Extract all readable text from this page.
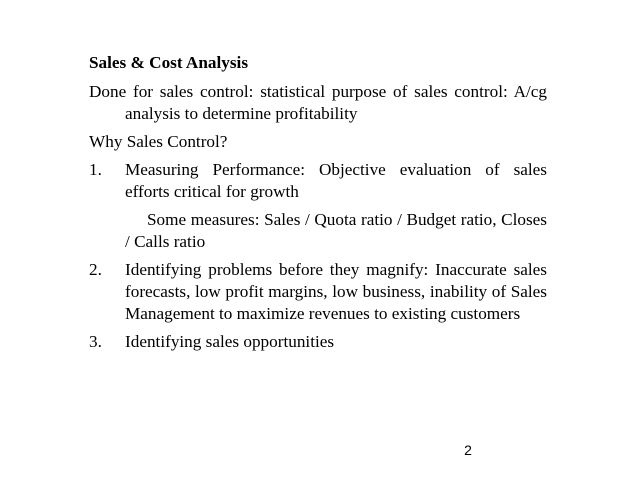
Sales & Cost Analysis
Done for sales control: statistical purpose of sales control: A/cg analysis to determine profitability
Why Sales Control?
1.	Measuring Performance: Objective evaluation of sales efforts critical for growth
Some measures: Sales / Quota ratio / Budget ratio, Closes / Calls ratio
2.	Identifying problems before they magnify: Inaccurate sales forecasts, low profit margins, low business, inability of Sales Management to maximize revenues to existing customers
3.	Identifying sales opportunities
2
